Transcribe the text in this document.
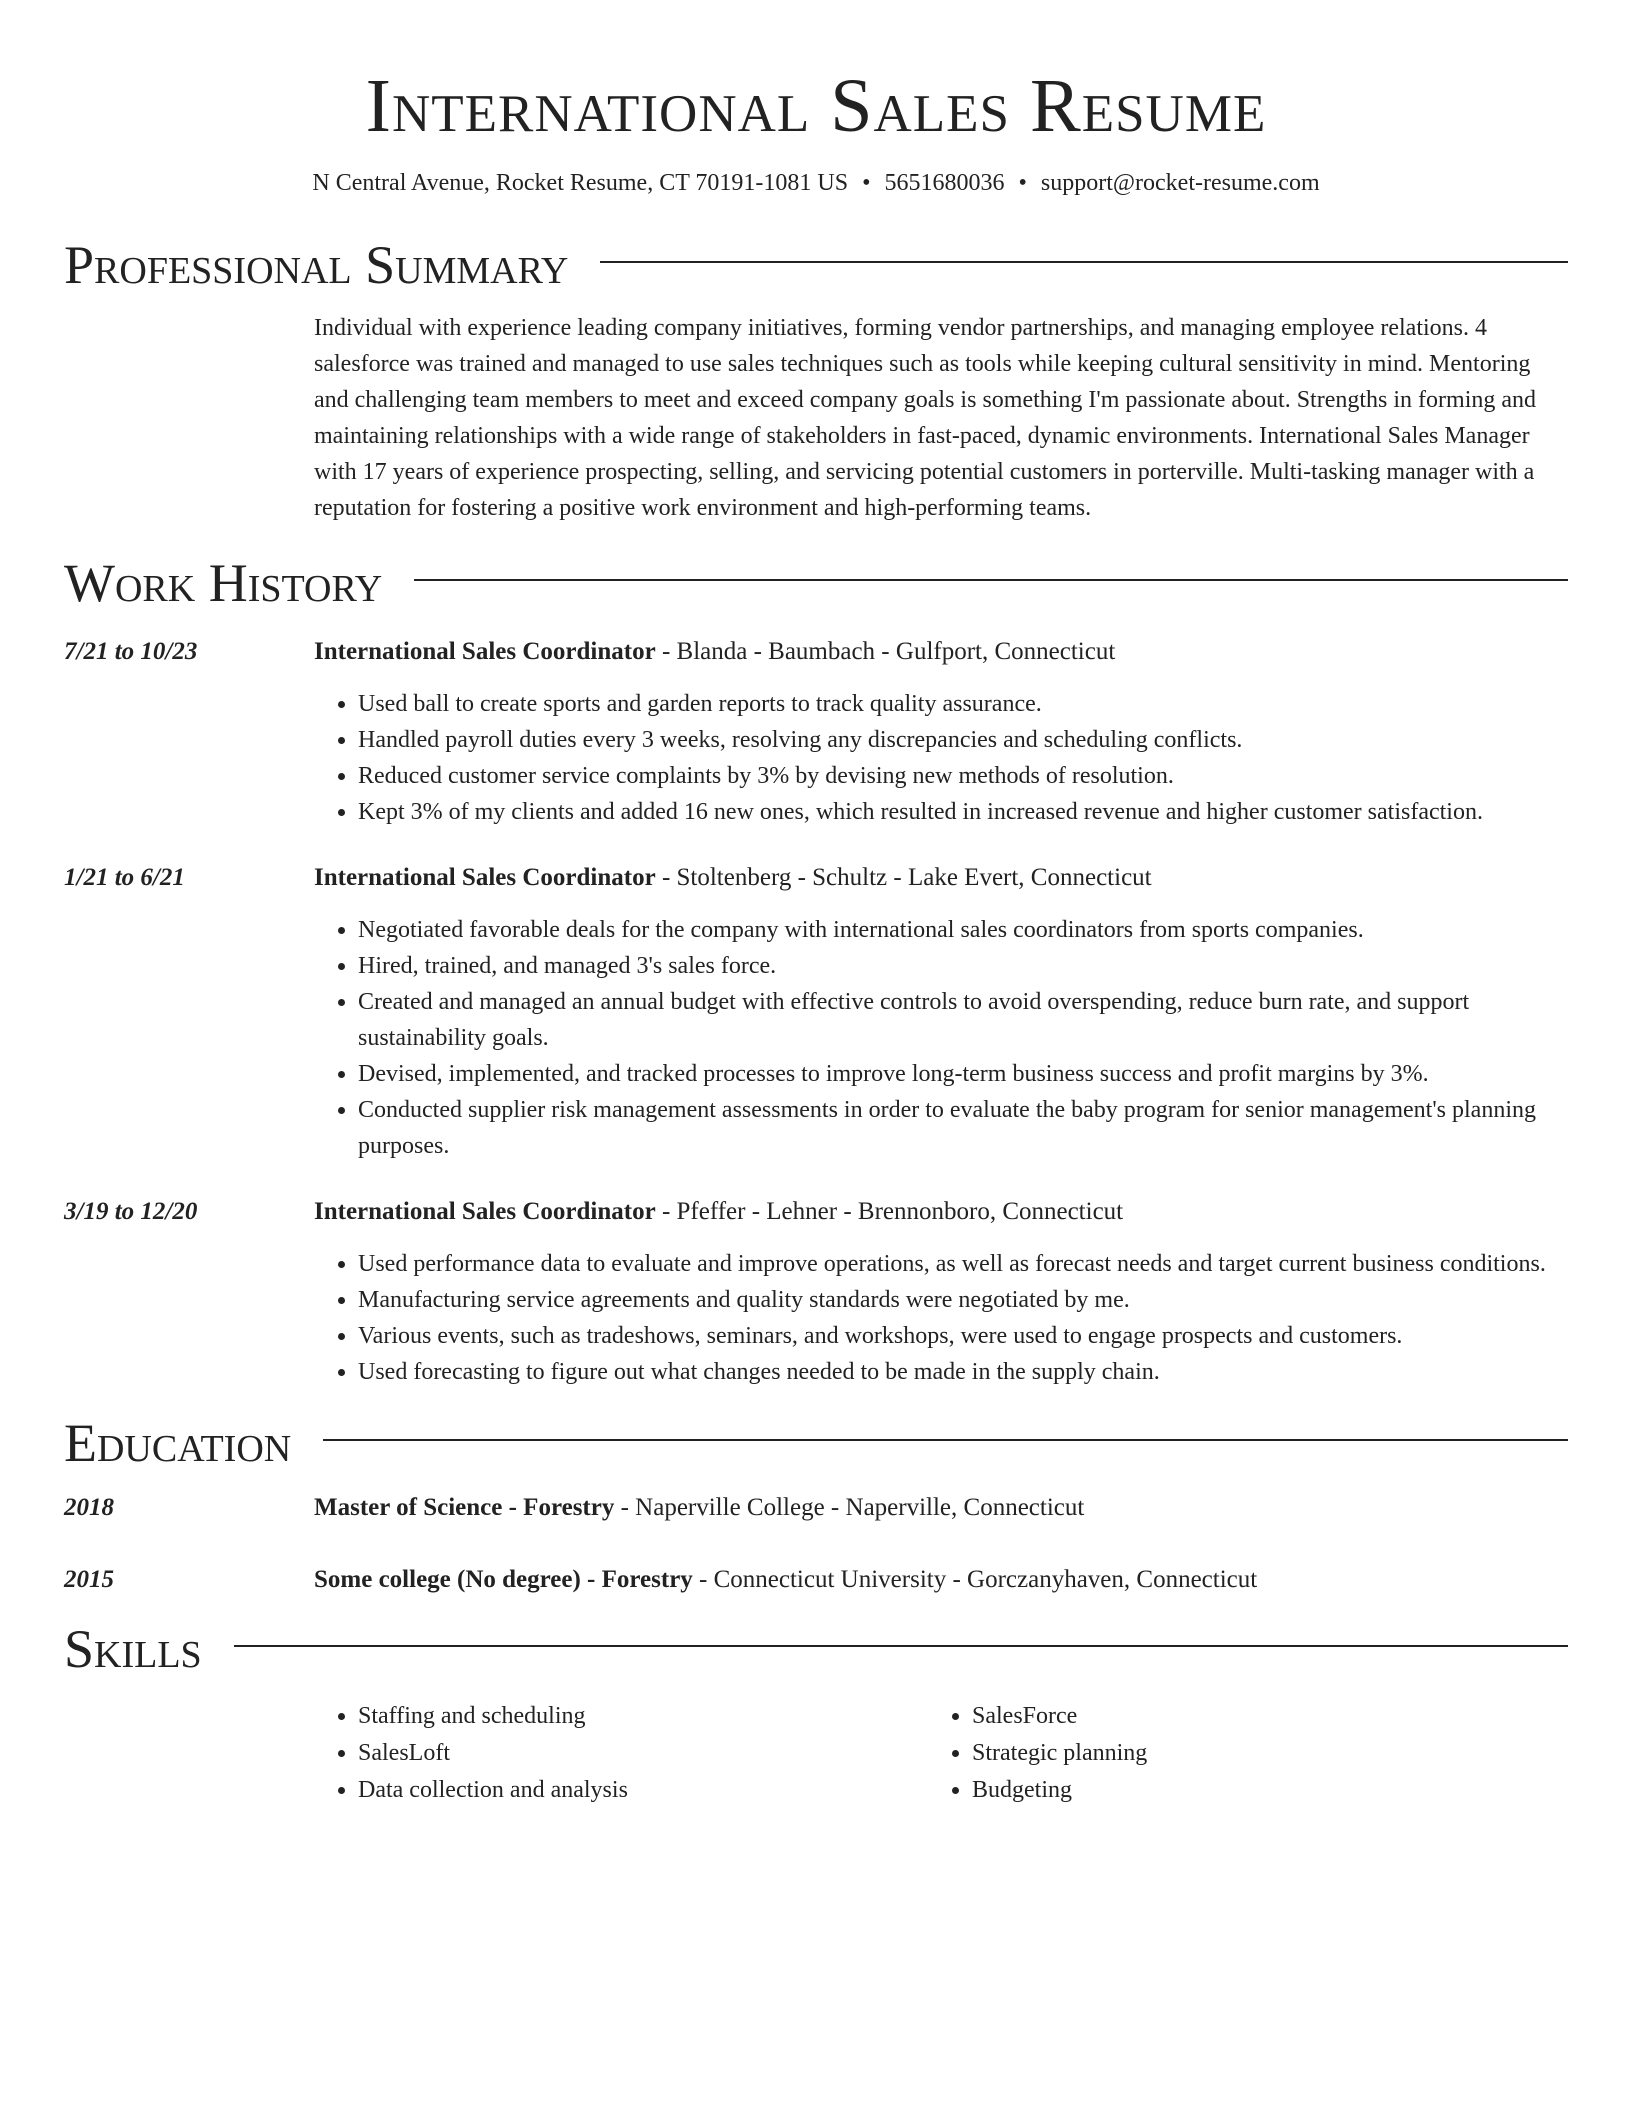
International Sales Resume
N Central Avenue, Rocket Resume, CT 70191-1081 US • 5651680036 • support@rocket-resume.com
Professional Summary
Individual with experience leading company initiatives, forming vendor partnerships, and managing employee relations. 4 salesforce was trained and managed to use sales techniques such as tools while keeping cultural sensitivity in mind. Mentoring and challenging team members to meet and exceed company goals is something I'm passionate about. Strengths in forming and maintaining relationships with a wide range of stakeholders in fast-paced, dynamic environments. International Sales Manager with 17 years of experience prospecting, selling, and servicing potential customers in porterville. Multi-tasking manager with a reputation for fostering a positive work environment and high-performing teams.
Work History
7/21 to 10/23	International Sales Coordinator - Blanda - Baumbach - Gulfport, Connecticut
• Used ball to create sports and garden reports to track quality assurance.
• Handled payroll duties every 3 weeks, resolving any discrepancies and scheduling conflicts.
• Reduced customer service complaints by 3% by devising new methods of resolution.
• Kept 3% of my clients and added 16 new ones, which resulted in increased revenue and higher customer satisfaction.
1/21 to 6/21	International Sales Coordinator - Stoltenberg - Schultz - Lake Evert, Connecticut
• Negotiated favorable deals for the company with international sales coordinators from sports companies.
• Hired, trained, and managed 3's sales force.
• Created and managed an annual budget with effective controls to avoid overspending, reduce burn rate, and support sustainability goals.
• Devised, implemented, and tracked processes to improve long-term business success and profit margins by 3%.
• Conducted supplier risk management assessments in order to evaluate the baby program for senior management's planning purposes.
3/19 to 12/20	International Sales Coordinator - Pfeffer - Lehner - Brennonboro, Connecticut
• Used performance data to evaluate and improve operations, as well as forecast needs and target current business conditions.
• Manufacturing service agreements and quality standards were negotiated by me.
• Various events, such as tradeshows, seminars, and workshops, were used to engage prospects and customers.
• Used forecasting to figure out what changes needed to be made in the supply chain.
Education
2018	Master of Science - Forestry - Naperville College - Naperville, Connecticut
2015	Some college (No degree) - Forestry - Connecticut University - Gorczanyhaven, Connecticut
Skills
• Staffing and scheduling
• SalesLoft
• Data collection and analysis
• SalesForce
• Strategic planning
• Budgeting
